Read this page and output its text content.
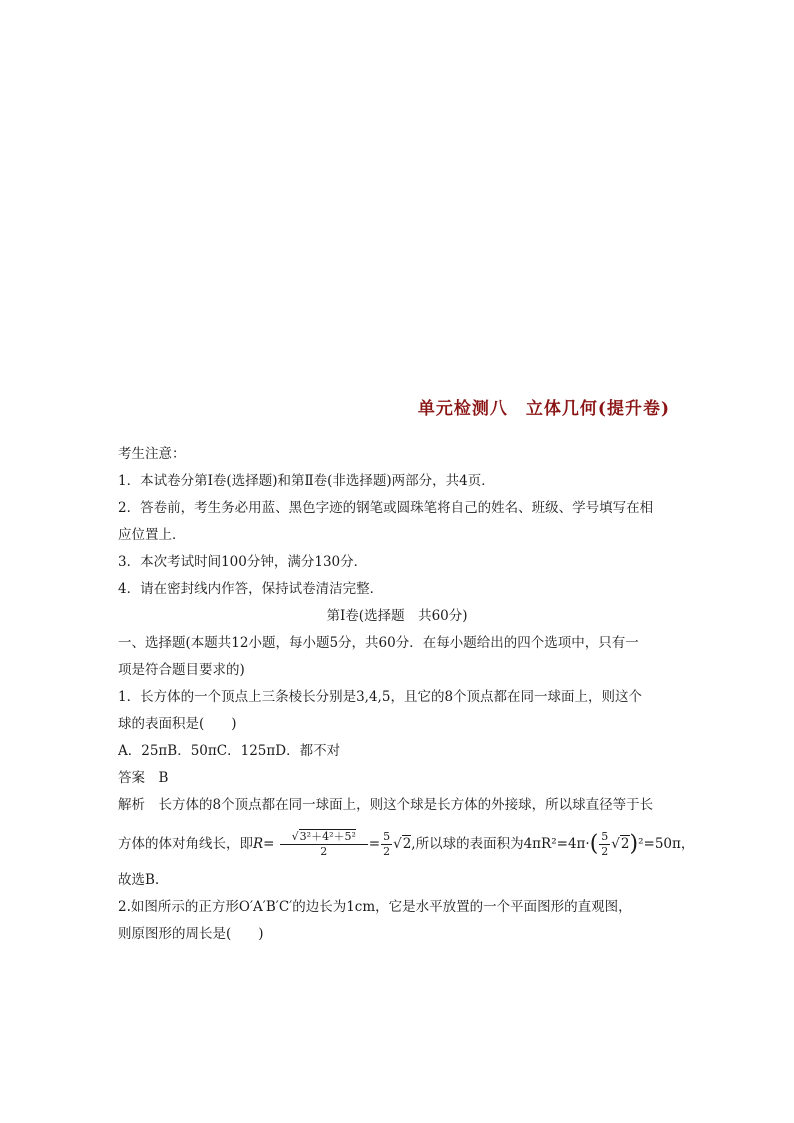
单元检测八　立体几何(提升卷)
考生注意：
1．本试卷分第Ⅰ卷(选择题)和第Ⅱ卷(非选择题)两部分，共4页．
2．答卷前，考生务必用蓝、黑色字迹的钢笔或圆珠笔将自己的姓名、班级、学号填写在相
应位置上．
3．本次考试时间100分钟，满分130分．
4．请在密封线内作答，保持试卷清洁完整．
第Ⅰ卷(选择题　共60分)
一、选择题(本题共12小题，每小题5分，共60分．在每小题给出的四个选项中，只有一
项是符合题目要求的)
1．长方体的一个顶点上三条棱长分别是3,4,5，且它的8个顶点都在同一球面上，则这个
球的表面积是(　　)
A．25πB．50πC．125πD．都不对
答案　B
解析　长方体的8个顶点都在同一球面上，则这个球是长方体的外接球，所以球直径等于长
方体的体对角线长，即$R= \frac{\text{√3²＋4²＋5²}}{2} = \frac{5}{2} √2$,所以球的表面积为$4\pi R^2=4\pi\cdot( \frac{5}{2} √2)^2=50\pi$，
故选B.
2.如图所示的正方形O′A′B′C′的边长为1cm，它是水平放置的一个平面图形的直观图，
则原图形的周长是(　　)
